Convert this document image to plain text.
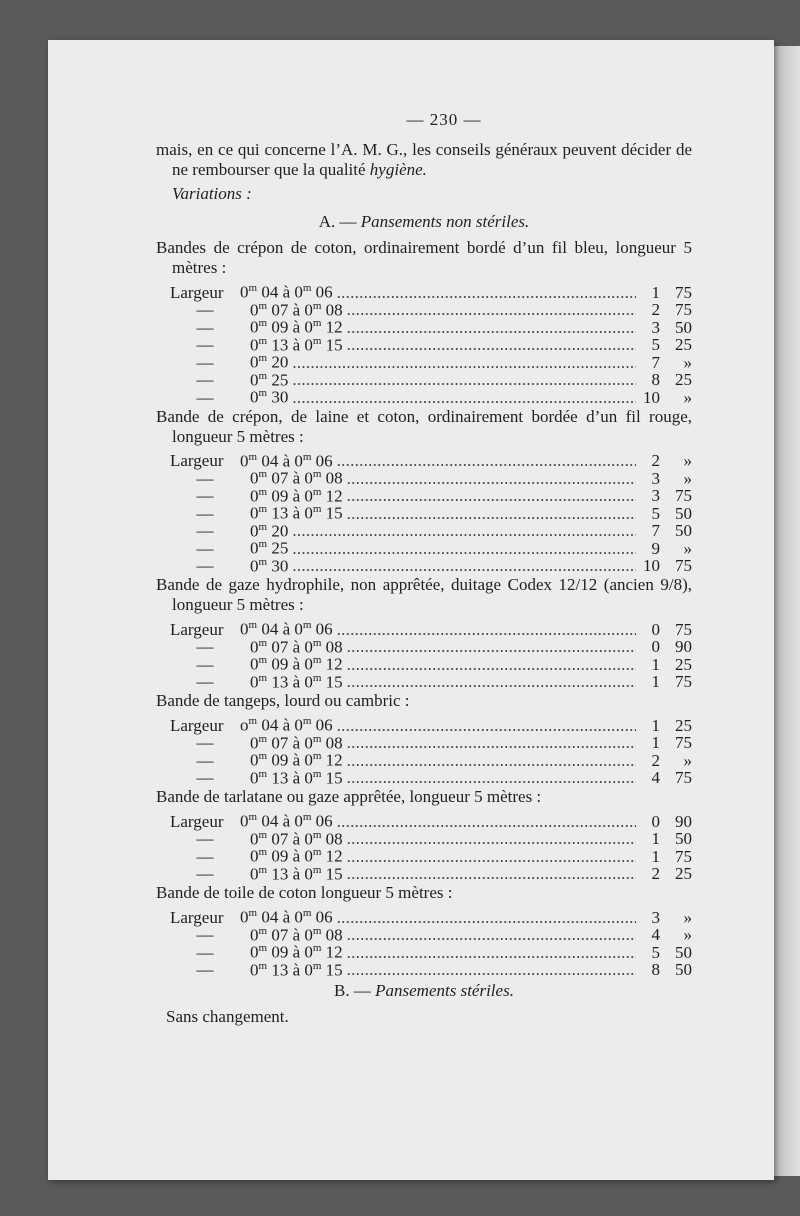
— 230 —

mais, en ce qui concerne l’A. M. G., les conseils généraux peuvent décider de ne rembourser que la qualité hygiène.

Variations :
A. — Pansements non stériles.

Bandes de crépon de coton, ordinairement bordé d’un fil bleu, longueur 5 mètres :

Largeur 0$^m$ 04 à 0$^m$ 06 . . .	1 75
—	0$^m$ 07 à 0$^m$ 08 . . .	2 75
—	0$^m$ 09 à 0$^m$ 12 . . .	3 50
—	0$^m$ 13 à 0$^m$ 15 . . .	5 25
—	0$^m$ 20 . . .	7	»
—	0$^m$ 25 . . .	8 25
—	0$^m$ 30 . . .	10	»

Bande de crépon, de laine et coton, ordinairement bordée d’un fil rouge, longueur 5 mètres :

Largeur 0$^m$ 04 à 0$^m$ 06 . . .	2	»
—	0$^m$ 07 à 0$^m$ 08 . . .	3	»
—	0$^m$ 09 à 0$^m$ 12 . . .	3 75
—	0$^m$ 13 à 0$^m$ 15 . . .	5 50
—	0$^m$ 20 . . .	7 50
—	0$^m$ 25 . . .	9	»
—	0$^m$ 30 . . .	10 75

Bande de gaze hydrophile, non apprêtée, duitage Codex 12/12 (ancien 9/8), longueur 5 mètres :

Largeur 0$^m$ 04 à 0$^m$ 06 . . .	0 75
—	0$^m$ 07 à 0$^m$ 08 . . .	0 90
—	0$^m$ 09 à 0$^m$ 12 . . .	1 25
—	0$^m$ 13 à 0$^m$ 15 . . .	1 75

Bande de tangeps, lourd ou cambric :

Largeur $o^m$ 04 à 0$^m$ 06 . . .	1 25
—	0$^m$ 07 à 0$^m$ 08 . . .	1 75
—	0$^m$ 09 à 0$^m$ 12 . . .	2	»
—	0$^m$ 13 à 0$^m$ 15 . . .	4 75

Bande de tarlatane ou gaze apprêtée, longueur 5 mètres :

Largeur 0$^m$ 04 à 0$^m$ 06 . . .	0 90
—	0$^m$ 07 à 0$^m$ 08 . . .	1 50
—	0$^m$ 09 à 0$^m$ 12 . . .	1 75
—	0$^m$ 13 à 0$^m$ 15 . . .	2 25

Bande de toile de coton longueur 5 mètres :

Largeur 0$^m$ 04 à 0$^m$ 06 . . .	3	»
—	0$^m$ 07 à 0$^m$ 08 . . .	4	»
—	0$^m$ 09 à 0$^m$ 12 . . .	5 50
—	0$^m$ 13 à 0$^m$ 15 . . .	8 50
B. — Pansements stériles.
Sans changement.
